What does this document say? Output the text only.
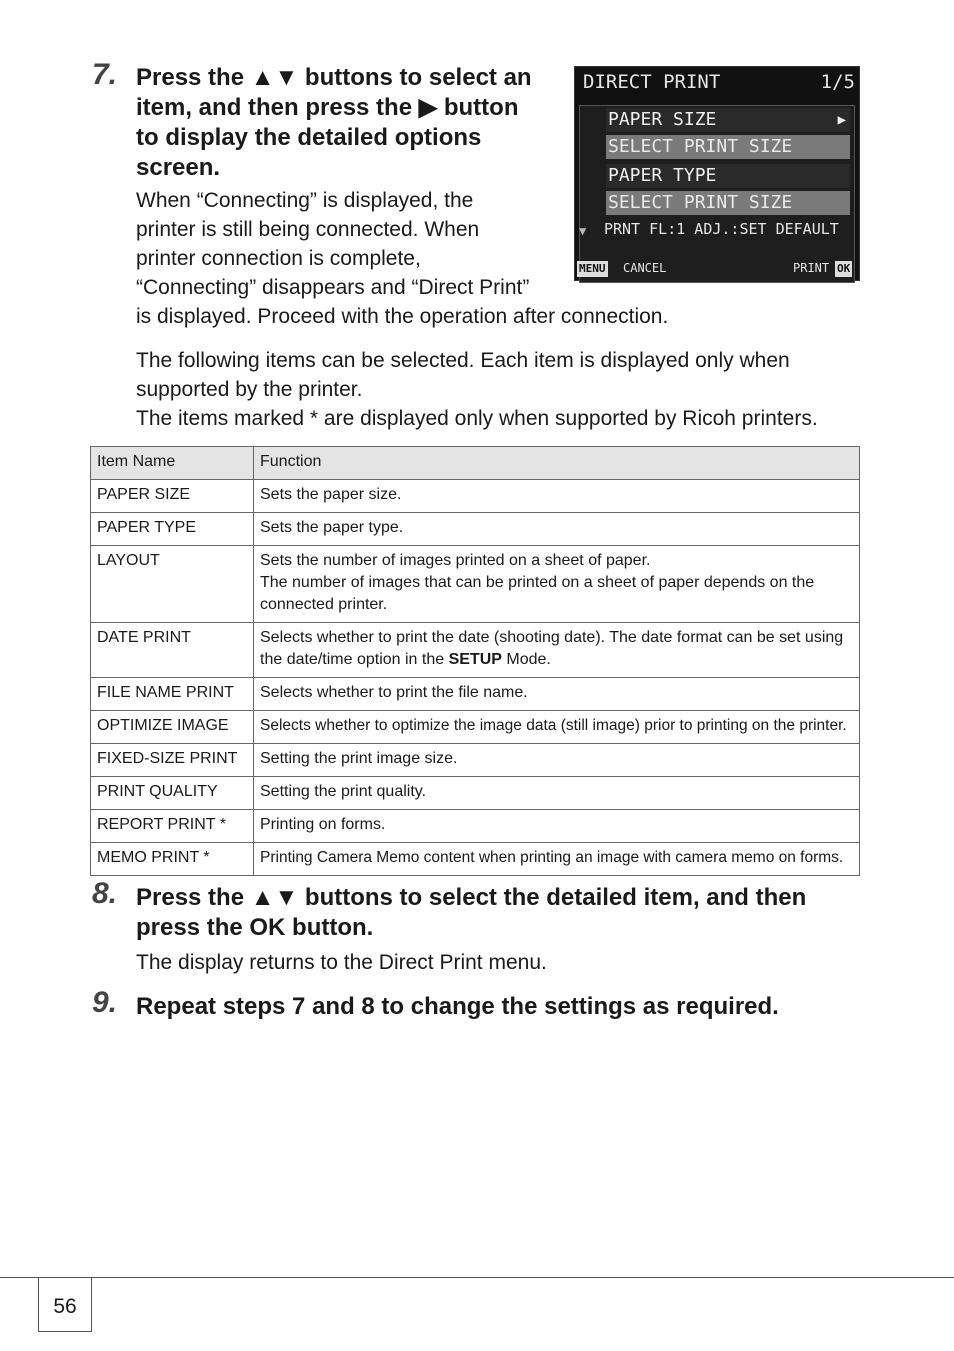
7. Press the ▲▼ buttons to select an
item, and then press the ▶ button
to display the detailed options
screen.
When “Connecting” is displayed, the
printer is still being connected. When
printer connection is complete,
“Connecting” disappears and “Direct Print”
is displayed. Proceed with the operation after connection.
The following items can be selected. Each item is displayed only when
supported by the printer.
The items marked * are displayed only when supported by Ricoh printers.
DIRECT PRINT	1/5
PAPER SIZE	▶
SELECT PRINT SIZE
PAPER TYPE
SELECT PRINT SIZE
▼ PRNT FL:1 ADJ.:SET DEFAULT
MENU CANCEL	PRINT OK
Item Name	Function
PAPER SIZE	Sets the paper size.

PAPER TYPE	Sets the paper type.

LAYOUT	Sets the number of images printed on a sheet of paper.
The number of images that can be printed on a sheet of paper depends on the
connected printer.

DATE PRINT	Selects whether to print the date (shooting date). The date format can be set using
the date/time option in the SETUP Mode.

FILE NAME PRINT	Selects whether to print the file name.

OPTIMIZE IMAGE	Selects whether to optimize the image data (still image) prior to printing on the printer.

FIXED-SIZE PRINT	Setting the print image size.

PRINT QUALITY	Setting the print quality.

REPORT PRINT *	Printing on forms.

MEMO PRINT *	Printing Camera Memo content when printing an image with camera memo on forms.
8. Press the ▲▼ buttons to select the detailed item, and then
press the OK button.
The display returns to the Direct Print menu.
9. Repeat steps 7 and 8 to change the settings as required.
56
